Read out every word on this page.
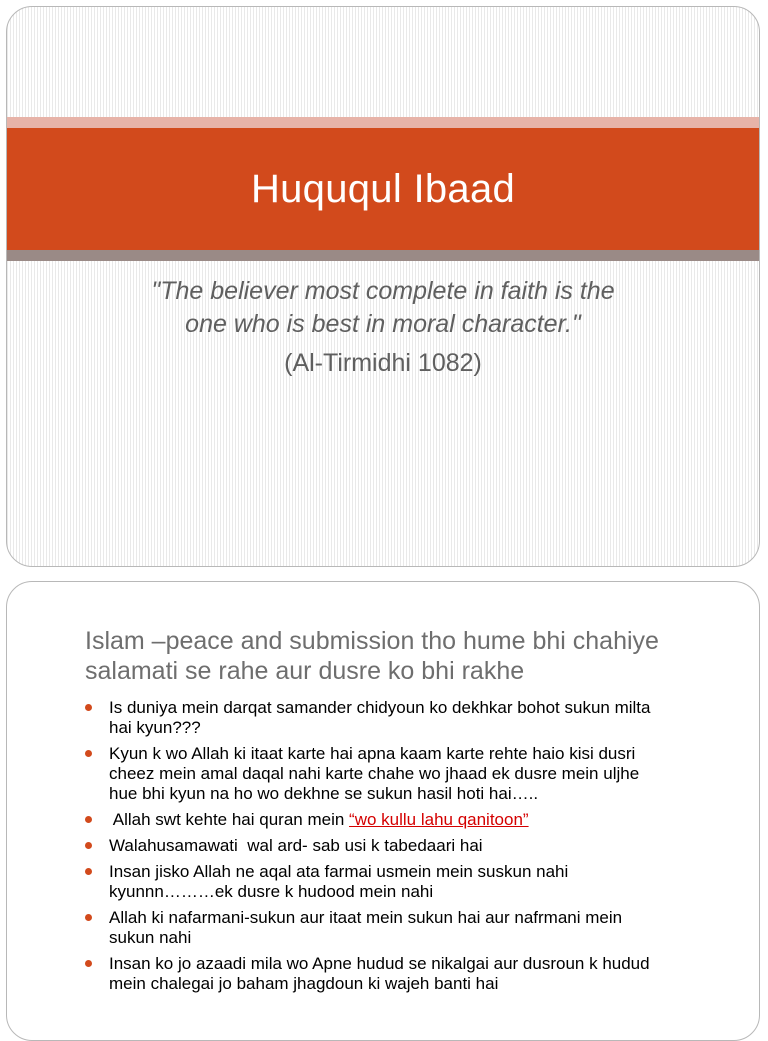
Huququl Ibaad
"The believer most complete in faith is the
one who is best in moral character."
(Al-Tirmidhi 1082)
Islam –peace and submission tho hume bhi chahiye
salamati se rahe aur dusre ko bhi rakhe
Is duniya mein darqat samander chidyoun ko dekhkar bohot sukun milta
hai kyun???
Kyun k wo Allah ki itaat karte hai apna kaam karte rehte haio kisi dusri
cheez mein amal daqal nahi karte chahe wo jhaad ek dusre mein uljhe
hue bhi kyun na ho wo dekhne se sukun hasil hoti hai…..
Allah swt kehte hai quran mein “wo kullu lahu qanitoon”
Walahusamawati  wal ard- sab usi k tabedaari hai
Insan jisko Allah ne aqal ata farmai usmein mein suskun nahi
kyunnn………ek dusre k hudood mein nahi
Allah ki nafarmani-sukun aur itaat mein sukun hai aur nafrmani mein
sukun nahi
Insan ko jo azaadi mila wo Apne hudud se nikalgai aur dusroun k hudud
mein chalegai jo baham jhagdoun ki wajeh banti hai
